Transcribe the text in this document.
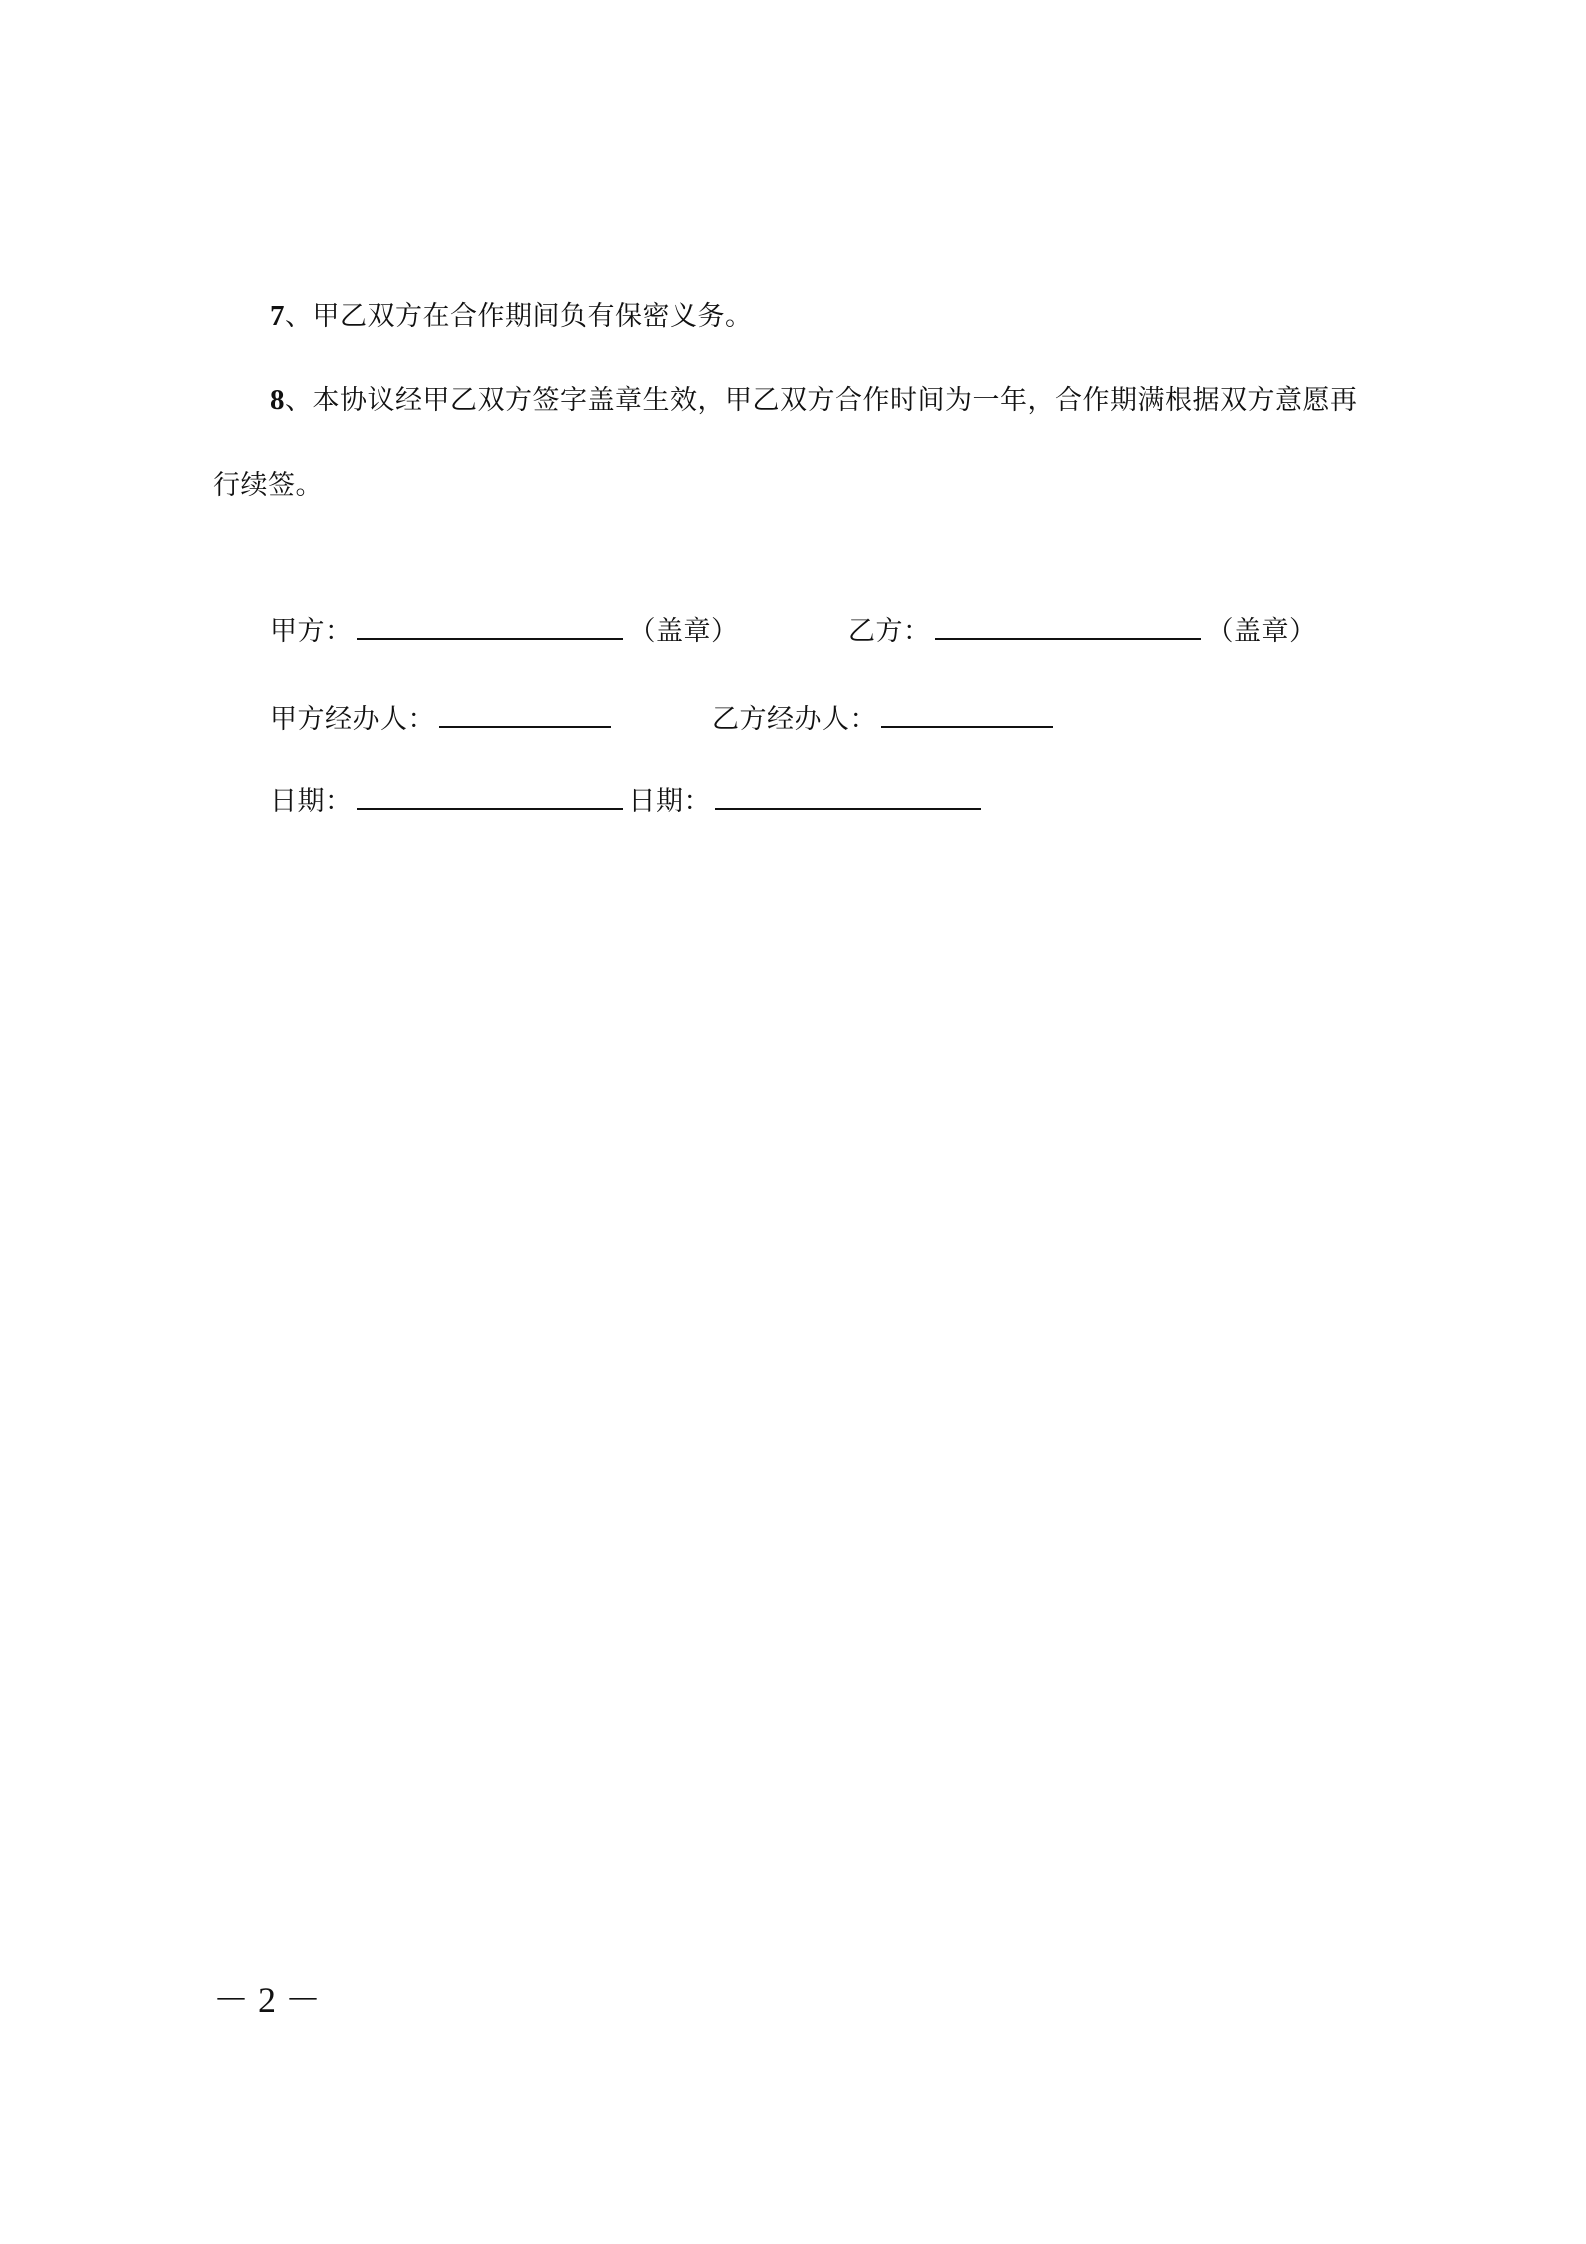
7、甲乙双方在合作期间负有保密义务。
8、本协议经甲乙双方签字盖章生效，甲乙双方合作时间为一年，合作期满根据双方意愿再
行续签。
甲方：	（盖章）	乙方：	（盖章）
甲方经办人：	乙方经办人：
日期：	日期：
－ 2 －
